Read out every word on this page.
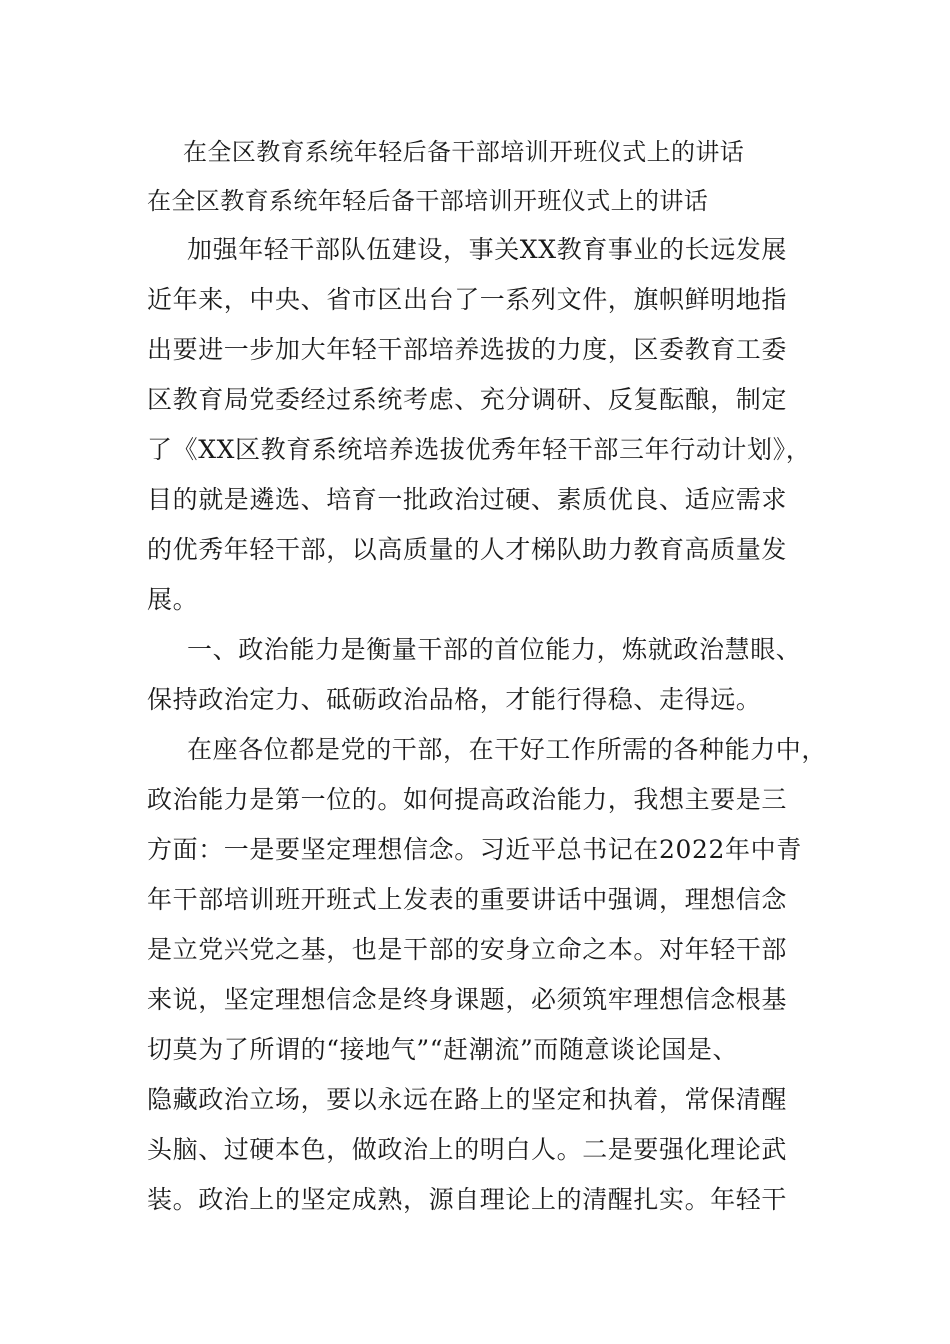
在全区教育系统年轻后备干部培训开班仪式上的讲话
在全区教育系统年轻后备干部培训开班仪式上的讲话
加强年轻干部队伍建设，事关XX教育事业的长远发展
近年来，中央、省市区出台了一系列文件，旗帜鲜明地指
出要进一步加大年轻干部培养选拔的力度，区委教育工委
区教育局党委经过系统考虑、充分调研、反复酝酿，制定
了《XX区教育系统培养选拔优秀年轻干部三年行动计划》，
目的就是遴选、培育一批政治过硬、素质优良、适应需求
的优秀年轻干部，以高质量的人才梯队助力教育高质量发
展。
一、政治能力是衡量干部的首位能力，炼就政治慧眼、
保持政治定力、砥砺政治品格，才能行得稳、走得远。
在座各位都是党的干部，在干好工作所需的各种能力中，
政治能力是第一位的。如何提高政治能力，我想主要是三
方面：一是要坚定理想信念。习近平总书记在2022年中青
年干部培训班开班式上发表的重要讲话中强调，理想信念
是立党兴党之基，也是干部的安身立命之本。对年轻干部
来说，坚定理想信念是终身课题，必须筑牢理想信念根基
切莫为了所谓的“接地气”“赶潮流”而随意谈论国是、
隐藏政治立场，要以永远在路上的坚定和执着，常保清醒
头脑、过硬本色，做政治上的明白人。二是要强化理论武
装。政治上的坚定成熟，源自理论上的清醒扎实。年轻干
